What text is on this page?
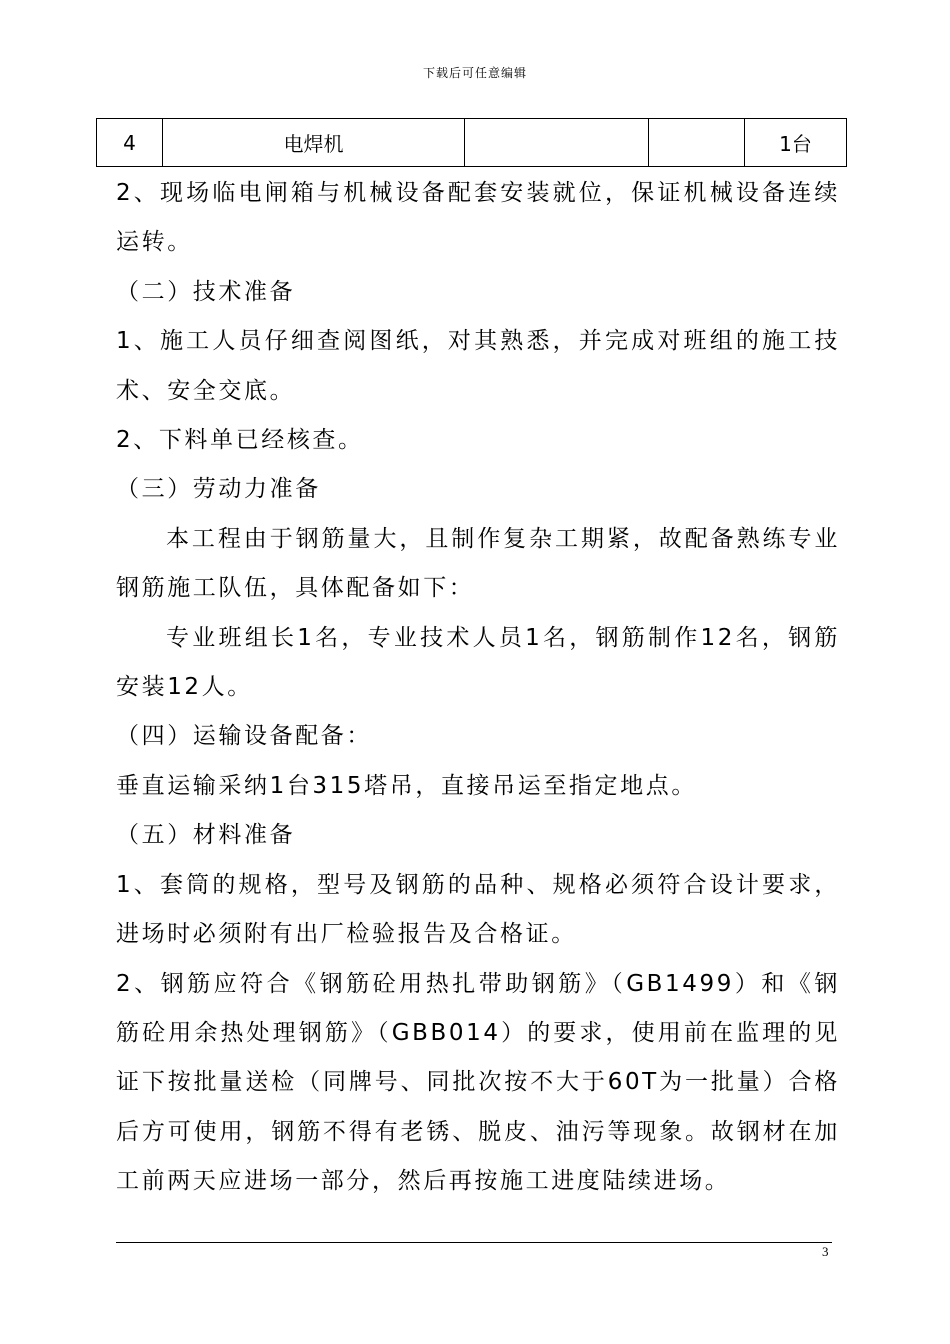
下载后可任意编辑
4	电焊机			1台

2、现场临电闸箱与机械设备配套安装就位，保证机械设备连续运转。

（二）技术准备

1、施工人员仔细查阅图纸，对其熟悉，并完成对班组的施工技术、安全交底。

2、下料单已经核查。

（三）劳动力准备

本工程由于钢筋量大，且制作复杂工期紧，故配备熟练专业钢筋施工队伍，具体配备如下：

专业班组长1名，专业技术人员1名，钢筋制作12名，钢筋安装12人。

（四）运输设备配备：

垂直运输采纳1台315塔吊，直接吊运至指定地点。

（五）材料准备

1、套筒的规格，型号及钢筋的品种、规格必须符合设计要求，进场时必须附有出厂检验报告及合格证。

2、钢筋应符合《钢筋砼用热扎带助钢筋》（GB1499）和《钢筋砼用余热处理钢筋》（GBB014）的要求，使用前在监理的见证下按批量送检（同牌号、同批次按不大于60T为一批量）合格后方可使用，钢筋不得有老锈、脱皮、油污等现象。故钢材在加工前两天应进场一部分，然后再按施工进度陆续进场。

3
